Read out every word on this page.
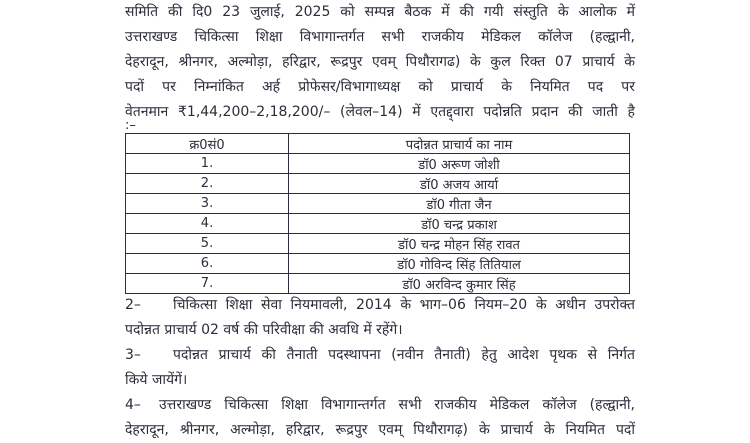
समिति की दि0 23 जुलाई, 2025 को सम्पन्न बैठक में की गयी संस्तुति के आलोक में

उत्तराखण्ड चिकित्सा शिक्षा विभागान्तर्गत सभी राजकीय मेडिकल कॉलेज (हल्द्वानी,

देहरादून, श्रीनगर, अल्मोड़ा, हरिद्वार, रूद्रपुर एवम् पिथौरागढ) के कुल रिक्त 07 प्राचार्य के

पदों पर निम्नांकित अर्ह प्रोफेसर/विभागाध्यक्ष को प्राचार्य के नियमित पद पर

वेतनमान ₹1,44,200–2,18,200/– (लेवल–14) में एतद्द्वारा पदोन्नति प्रदान की जाती है

:–
क्र0सं0	पदोन्नत प्राचार्य का नाम
1.	डॉ0 अरूण जोशी
2.	डॉ0 अजय आर्या
3.	डॉ0 गीता जैन
4.	डॉ0 चन्द्र प्रकाश
5.	डॉ0 चन्द्र मोहन सिंह रावत
6.	डॉ0 गोविन्द सिंह तितियाल
7.	डॉ0 अरविन्द कुमार सिंह

2– चिकित्सा शिक्षा सेवा नियमावली, 2014 के भाग–06 नियम–20 के अधीन उपरोक्त

पदोन्नत प्राचार्य 02 वर्ष की परिवीक्षा की अवधि में रहेंगे।

3– पदोन्नत प्राचार्य की तैनाती पदस्थापना (नवीन तैनाती) हेतु आदेश पृथक से निर्गत

किये जायेंगें।

4– उत्तराखण्ड चिकित्सा शिक्षा विभागान्तर्गत सभी राजकीय मेडिकल कॉलेज (हल्द्वानी,

देहरादून, श्रीनगर, अल्मोड़ा, हरिद्वार, रूद्रपुर एवम् पिथौरागढ़) के प्राचार्य के नियमित पदों
